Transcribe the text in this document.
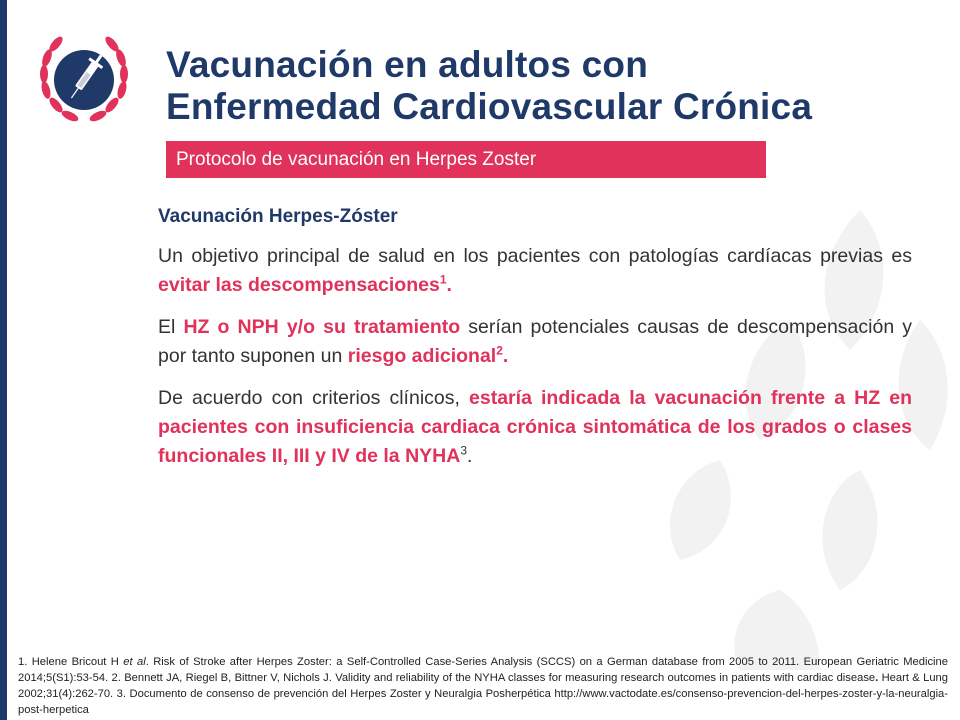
Vacunación en adultos con
Enfermedad Cardiovascular Crónica
Protocolo de vacunación en Herpes Zoster

Vacunación Herpes-Zóster

Un objetivo principal de salud en los pacientes con patologías cardíacas previas es evitar las descompensaciones$^1$.

El HZ o NPH y/o su tratamiento serían potenciales causas de descompensación y por tanto suponen un riesgo adicional$^2$.

De acuerdo con criterios clínicos, estaría indicada la vacunación frente a HZ en pacientes con insuficiencia cardiaca crónica sintomática de los grados o clases funcionales II, III y IV de la NYHA$^3$.

1. Helene Bricout H et al. Risk of Stroke after Herpes Zoster: a Self-Controlled Case-Series Analysis (SCCS) on a German database from 2005 to 2011. European Geriatric Medicine 2014;5(S1):53-54. 2. Bennett JA, Riegel B, Bittner V, Nichols J. Validity and reliability of the NYHA classes for measuring research outcomes in patients with cardiac disease. Heart & Lung 2002;31(4):262-70. 3. Documento de consenso de prevención del Herpes Zoster y Neuralgia Posherpética http://www.vactodate.es/consenso-prevencion-del-herpes-zoster-y-la-neuralgia-post-herpetica
